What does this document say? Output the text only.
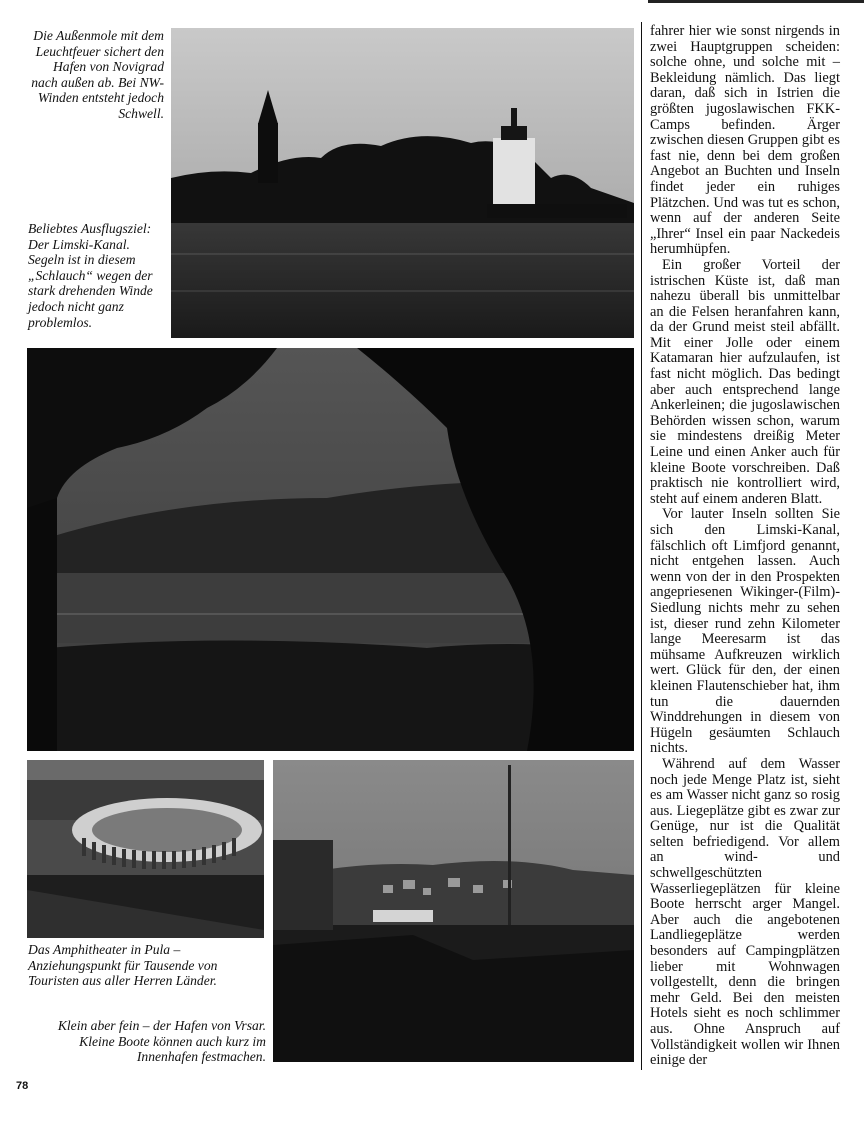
Die Außenmole mit dem Leuchtfeuer sichert den Hafen von Novigrad nach außen ab. Bei NW-Winden entsteht jedoch Schwell.

Beliebtes Ausflugsziel: Der Limski-Kanal. Segeln ist in diesem „Schlauch“ wegen der stark drehenden Winde jedoch nicht ganz problemlos.

Das Amphitheater in Pula – Anziehungspunkt für Tausende von Touristen aus aller Herren Länder.

Klein aber fein – der Hafen von Vrsar. Kleine Boote können auch kurz im Innenhafen festmachen.

fahrer hier wie sonst nirgends in zwei Hauptgruppen scheiden: solche ohne, und solche mit – Bekleidung nämlich. Das liegt daran, daß sich in Istrien die größten jugoslawischen FKK-Camps befinden. Ärger zwischen diesen Gruppen gibt es fast nie, denn bei dem großen Angebot an Buchten und Inseln findet jeder ein ruhiges Plätzchen. Und was tut es schon, wenn auf der anderen Seite „Ihrer“ Insel ein paar Nackedeis herumhüpfen.

Ein großer Vorteil der istrischen Küste ist, daß man nahezu überall bis unmittelbar an die Felsen heranfahren kann, da der Grund meist steil abfällt. Mit einer Jolle oder einem Katamaran hier aufzulaufen, ist fast nicht möglich. Das bedingt aber auch entsprechend lange Ankerleinen; die jugoslawischen Behörden wissen schon, warum sie mindestens dreißig Meter Leine und einen Anker auch für kleine Boote vorschreiben. Daß praktisch nie kontrolliert wird, steht auf einem anderen Blatt.

Vor lauter Inseln sollten Sie sich den Limski-Kanal, fälschlich oft Limfjord genannt, nicht entgehen lassen. Auch wenn von der in den Prospekten angepriesenen Wikinger-(Film)-Siedlung nichts mehr zu sehen ist, dieser rund zehn Kilometer lange Meeresarm ist das mühsame Aufkreuzen wirklich wert. Glück für den, der einen kleinen Flautenschieber hat, ihm tun die dauernden Winddrehungen in diesem von Hügeln gesäumten Schlauch nichts.

Während auf dem Wasser noch jede Menge Platz ist, sieht es am Wasser nicht ganz so rosig aus. Liegeplätze gibt es zwar zur Genüge, nur ist die Qualität selten befriedigend. Vor allem an wind- und schwellgeschützten Wasserliegeplätzen für kleine Boote herrscht arger Mangel. Aber auch die angebotenen Landliegeplätze werden besonders auf Campingplätzen lieber mit Wohnwagen vollgestellt, denn die bringen mehr Geld. Bei den meisten Hotels sieht es noch schlimmer aus. Ohne Anspruch auf Vollständigkeit wollen wir Ihnen einige der

78
